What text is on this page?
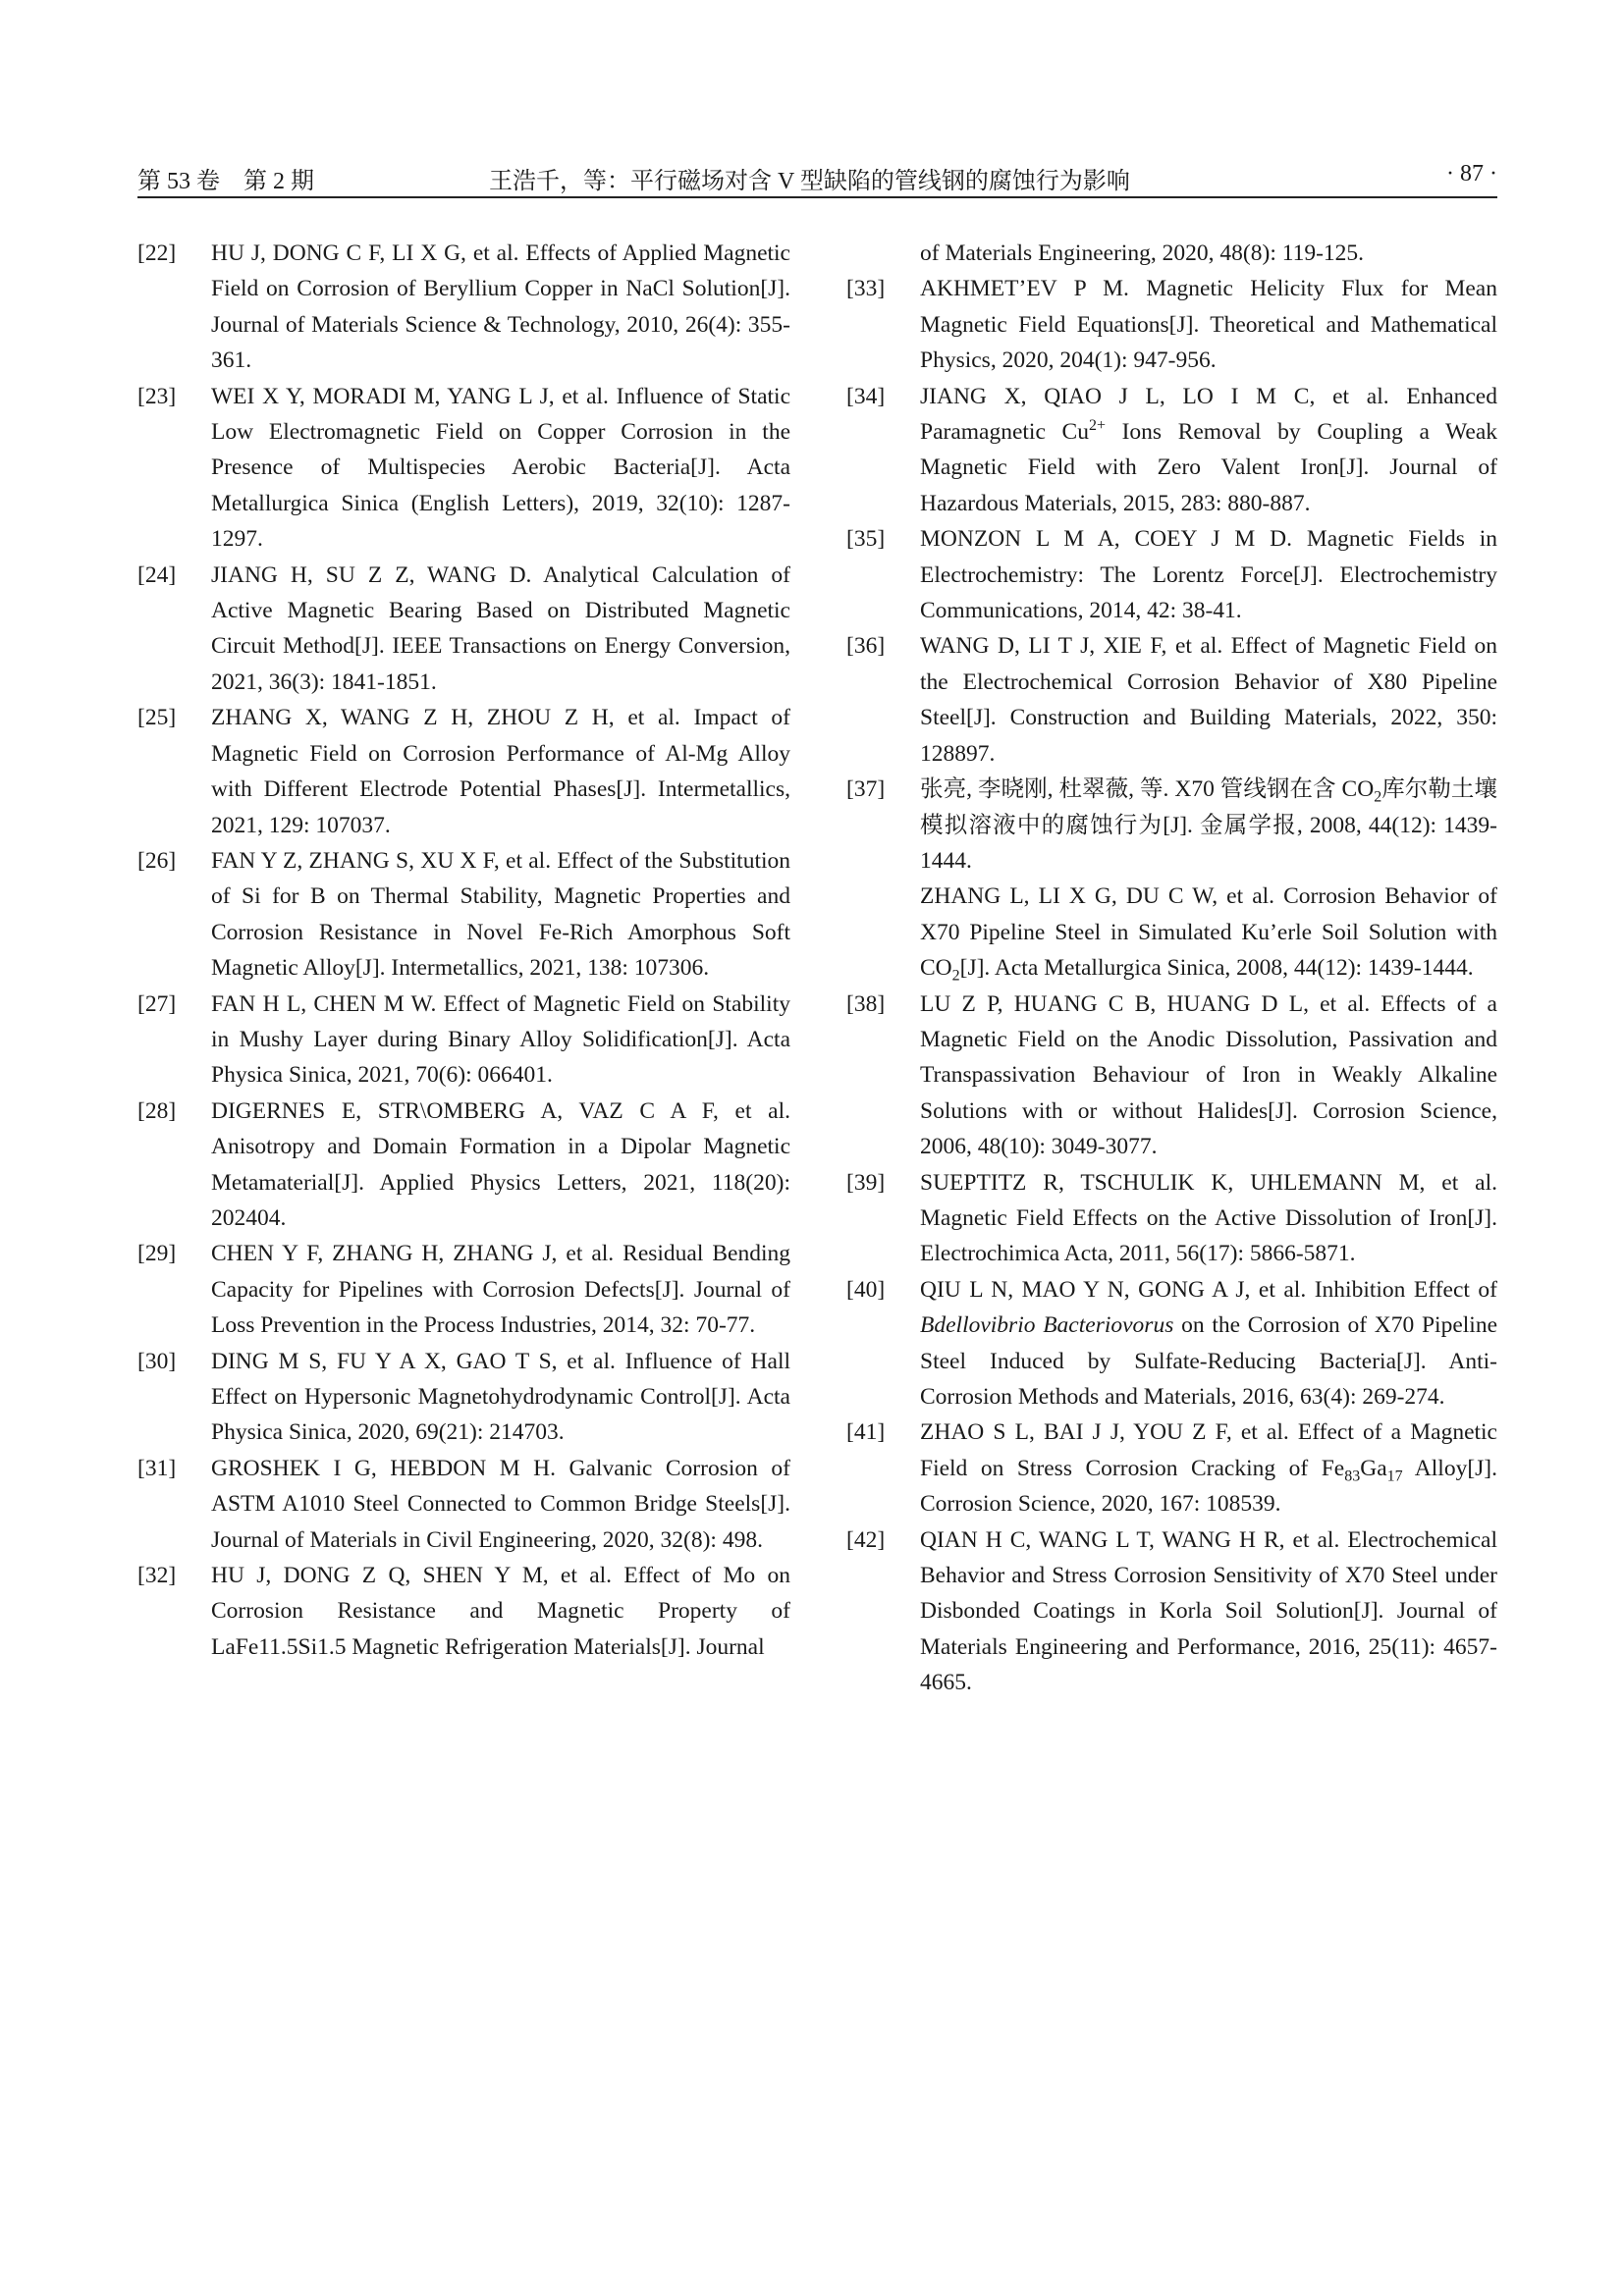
第 53 卷　第 2 期	王浩千，等：平行磁场对含 V 型缺陷的管线钢的腐蚀行为影响	· 87 ·
[22]	HU J, DONG C F, LI X G, et al. Effects of Applied Magnetic Field on Corrosion of Beryllium Copper in NaCl Solution[J]. Journal of Materials Science & Technology, 2010, 26(4): 355-361.
[23]	WEI X Y, MORADI M, YANG L J, et al. Influence of Static Low Electromagnetic Field on Copper Corrosion in the Presence of Multispecies Aerobic Bacteria[J]. Acta Metallurgica Sinica (English Letters), 2019, 32(10): 1287-1297.
[24]	JIANG H, SU Z Z, WANG D. Analytical Calculation of Active Magnetic Bearing Based on Distributed Magnetic Circuit Method[J]. IEEE Transactions on Energy Conversion, 2021, 36(3): 1841-1851.
[25]	ZHANG X, WANG Z H, ZHOU Z H, et al. Impact of Magnetic Field on Corrosion Performance of Al-Mg Alloy with Different Electrode Potential Phases[J]. Intermetallics, 2021, 129: 107037.
[26]	FAN Y Z, ZHANG S, XU X F, et al. Effect of the Substitution of Si for B on Thermal Stability, Magnetic Properties and Corrosion Resistance in Novel Fe-Rich Amorphous Soft Magnetic Alloy[J]. Intermetallics, 2021, 138: 107306.
[27]	FAN H L, CHEN M W. Effect of Magnetic Field on Stability in Mushy Layer during Binary Alloy Solidification[J]. Acta Physica Sinica, 2021, 70(6): 066401.
[28]	DIGERNES E, STR\OMBERG A, VAZ C A F, et al. Anisotropy and Domain Formation in a Dipolar Magnetic Metamaterial[J]. Applied Physics Letters, 2021, 118(20): 202404.
[29]	CHEN Y F, ZHANG H, ZHANG J, et al. Residual Bending Capacity for Pipelines with Corrosion Defects[J]. Journal of Loss Prevention in the Process Industries, 2014, 32: 70-77.
[30]	DING M S, FU Y A X, GAO T S, et al. Influence of Hall Effect on Hypersonic Magnetohydrodynamic Control[J]. Acta Physica Sinica, 2020, 69(21): 214703.
[31]	GROSHEK I G, HEBDON M H. Galvanic Corrosion of ASTM A1010 Steel Connected to Common Bridge Steels[J]. Journal of Materials in Civil Engineering, 2020, 32(8): 498.
[32]	HU J, DONG Z Q, SHEN Y M, et al. Effect of Mo on Corrosion Resistance and Magnetic Property of LaFe11.5Si1.5 Magnetic Refrigeration Materials[J]. Journal
of Materials Engineering, 2020, 48(8): 119-125.
[33]	AKHMET’EV P M. Magnetic Helicity Flux for Mean Magnetic Field Equations[J]. Theoretical and Mathematical Physics, 2020, 204(1): 947-956.
[34]	JIANG X, QIAO J L, LO I M C, et al. Enhanced Paramagnetic $Cu^{2+}$ Ions Removal by Coupling a Weak Magnetic Field with Zero Valent Iron[J]. Journal of Hazardous Materials, 2015, 283: 880-887.
[35]	MONZON L M A, COEY J M D. Magnetic Fields in Electrochemistry: The Lorentz Force[J]. Electrochemistry Communications, 2014, 42: 38-41.
[36]	WANG D, LI T J, XIE F, et al. Effect of Magnetic Field on the Electrochemical Corrosion Behavior of X80 Pipeline Steel[J]. Construction and Building Materials, 2022, 350: 128897.
[37]	张亮, 李晓刚, 杜翠薇, 等. X70 管线钢在含 $CO_2$库尔勒土壤模拟溶液中的腐蚀行为[J]. 金属学报, 2008, 44(12): 1439-1444.
ZHANG L, LI X G, DU C W, et al. Corrosion Behavior of X70 Pipeline Steel in Simulated Ku’erle Soil Solution with $CO_2[J]$. Acta Metallurgica Sinica, 2008, 44(12): 1439-1444.
[38]	LU Z P, HUANG C B, HUANG D L, et al. Effects of a Magnetic Field on the Anodic Dissolution, Passivation and Transpassivation Behaviour of Iron in Weakly Alkaline Solutions with or without Halides[J]. Corrosion Science, 2006, 48(10): 3049-3077.
[39]	SUEPTITZ R, TSCHULIK K, UHLEMANN M, et al. Magnetic Field Effects on the Active Dissolution of Iron[J]. Electrochimica Acta, 2011, 56(17): 5866-5871.
[40]	QIU L N, MAO Y N, GONG A J, et al. Inhibition Effect of Bdellovibrio Bacteriovorus on the Corrosion of X70 Pipeline Steel Induced by Sulfate-Reducing Bacteria[J]. Anti-Corrosion Methods and Materials, 2016, 63(4): 269-274.
[41]	ZHAO S L, BAI J J, YOU Z F, et al. Effect of a Magnetic Field on Stress Corrosion Cracking of $Fe_{83}Ga_{17}$ Alloy[J]. Corrosion Science, 2020, 167: 108539.
[42]	QIAN H C, WANG L T, WANG H R, et al. Electrochemical Behavior and Stress Corrosion Sensitivity of X70 Steel under Disbonded Coatings in Korla Soil Solution[J]. Journal of Materials Engineering and Performance, 2016, 25(11): 4657-4665.
